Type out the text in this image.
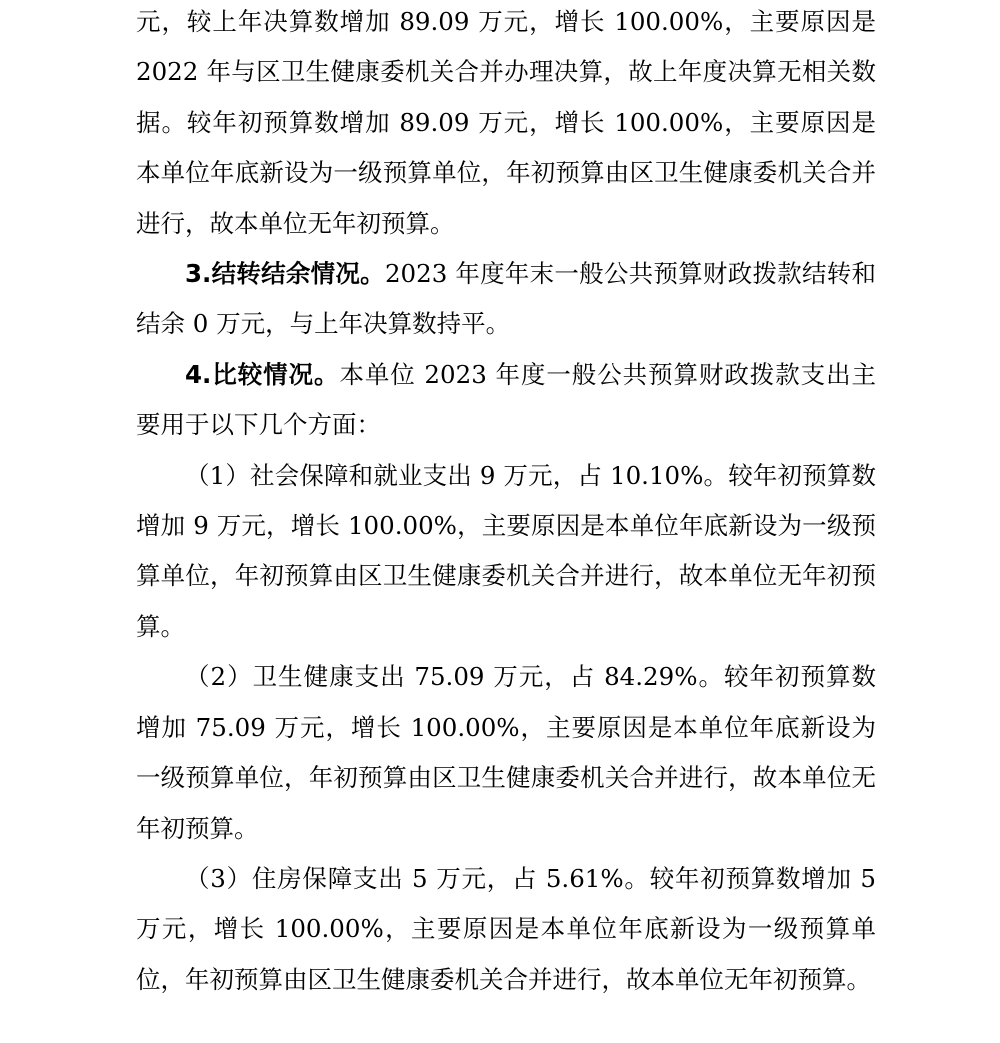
元，较上年决算数增加 89.09 万元，增长 100.00%，主要原因是 2022 年与区卫生健康委机关合并办理决算，故上年度决算无相关数据。较年初预算数增加 89.09 万元，增长 100.00%，主要原因是本单位年底新设为一级预算单位，年初预算由区卫生健康委机关合并进行，故本单位无年初预算。

3.结转结余情况。2023 年度年末一般公共预算财政拨款结转和结余 0 万元，与上年决算数持平。

4.比较情况。本单位 2023 年度一般公共预算财政拨款支出主要用于以下几个方面：

（1）社会保障和就业支出 9 万元，占 10.10%。较年初预算数增加 9 万元，增长 100.00%，主要原因是本单位年底新设为一级预算单位，年初预算由区卫生健康委机关合并进行，故本单位无年初预算。

（2）卫生健康支出 75.09 万元，占 84.29%。较年初预算数增加 75.09 万元，增长 100.00%，主要原因是本单位年底新设为一级预算单位，年初预算由区卫生健康委机关合并进行，故本单位无年初预算。

（3）住房保障支出 5 万元，占 5.61%。较年初预算数增加 5 万元，增长 100.00%，主要原因是本单位年底新设为一级预算单位，年初预算由区卫生健康委机关合并进行，故本单位无年初预算。
